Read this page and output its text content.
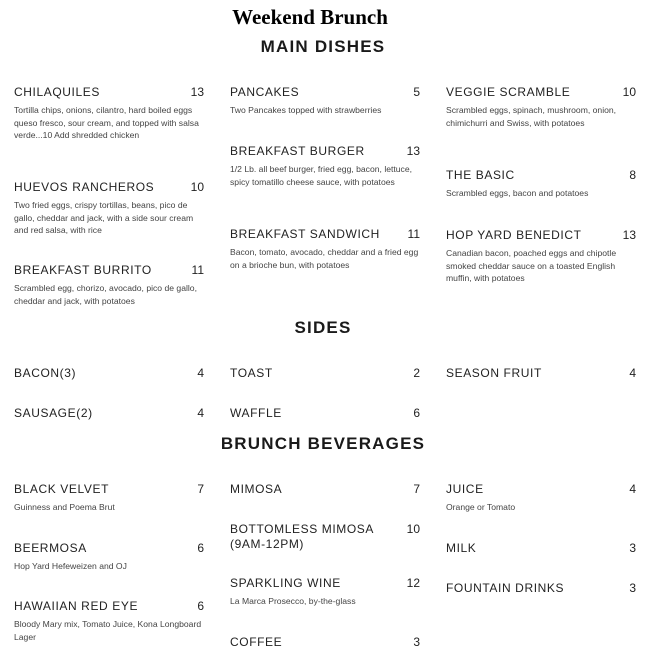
Weekend Brunch
MAIN DISHES
SIDES
BRUNCH BEVERAGES
CHILAQUILES	13
Tortilla chips, onions, cilantro, hard boiled eggs queso fresco, sour cream, and topped with salsa verde...10 Add shredded chicken
HUEVOS RANCHEROS	10
Two fried eggs, crispy tortillas, beans, pico de gallo, cheddar and jack, with a side sour cream and red salsa, with rice
BREAKFAST BURRITO	11
Scrambled egg, chorizo, avocado, pico de gallo, cheddar and jack, with potatoes
PANCAKES	5
Two Pancakes topped with strawberries
BREAKFAST BURGER	13
1/2 Lb. all beef burger, fried egg, bacon, lettuce, spicy tomatillo cheese sauce, with potatoes
BREAKFAST SANDWICH	11
Bacon, tomato, avocado, cheddar and a fried egg on a brioche bun, with potatoes
VEGGIE SCRAMBLE	10
Scrambled eggs, spinach, mushroom, onion, chimichurri and Swiss, with potatoes
THE BASIC	8
Scrambled eggs, bacon and potatoes
HOP YARD BENEDICT	13
Canadian bacon, poached eggs and chipotle smoked cheddar sauce on a toasted English muffin, with potatoes
BACON(3)	4
SAUSAGE(2)	4
TOAST	2
WAFFLE	6
SEASON FRUIT	4
BLACK VELVET	7
Guinness and Poema Brut
BEERMOSA	6
Hop Yard Hefeweizen and OJ
HAWAIIAN RED EYE	6
Bloody Mary mix, Tomato Juice, Kona Longboard Lager
MIMOSA	7
BOTTOMLESS MIMOSA (9AM-12PM)
10
SPARKLING WINE	12
La Marca Prosecco, by-the-glass
COFFEE	3
JUICE	4
Orange or Tomato
MILK	3
FOUNTAIN DRINKS	3
